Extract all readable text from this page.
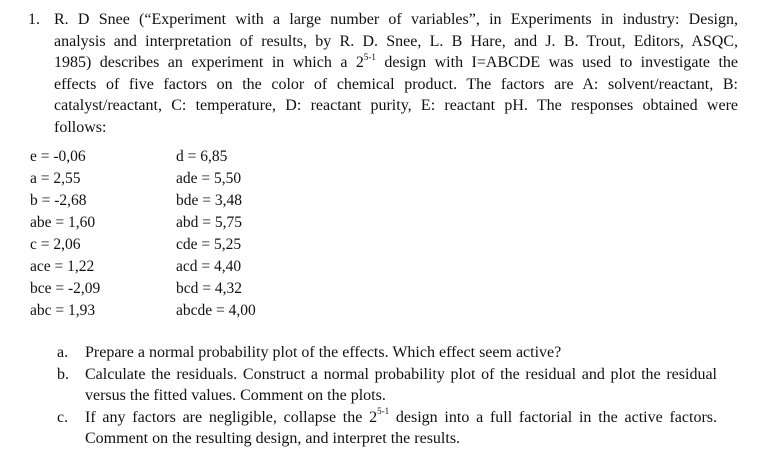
1. R. D Snee (“Experiment with a large number of variables”, in Experiments in industry: Design,
analysis and interpretation of results, by R. D. Snee, L. B Hare, and J. B. Trout, Editors, ASQC,
1985) describes an experiment in which a 2$^{5-1}$ design with I=ABCDE was used to investigate the
effects of five factors on the color of chemical product. The factors are A: solvent/reactant, B:
catalyst/reactant, C: temperature, D: reactant purity, E: reactant pH. The responses obtained were
follows:
e = -0,06
a = 2,55
b = -2,68
abe = 1,60
c = 2,06
ace = 1,22
bce = -2,09
abc = 1,93
d = 6,85
ade = 5,50
bde = 3,48
abd = 5,75
cde = 5,25
acd = 4,40
bcd = 4,32
abcde = 4,00
a. Prepare a normal probability plot of the effects. Which effect seem active?
b. Calculate the residuals. Construct a normal probability plot of the residual and plot the residual
versus the fitted values. Comment on the plots.
c. If any factors are negligible, collapse the 2$^{5-1}$ design into a full factorial in the active factors.
Comment on the resulting design, and interpret the results.
